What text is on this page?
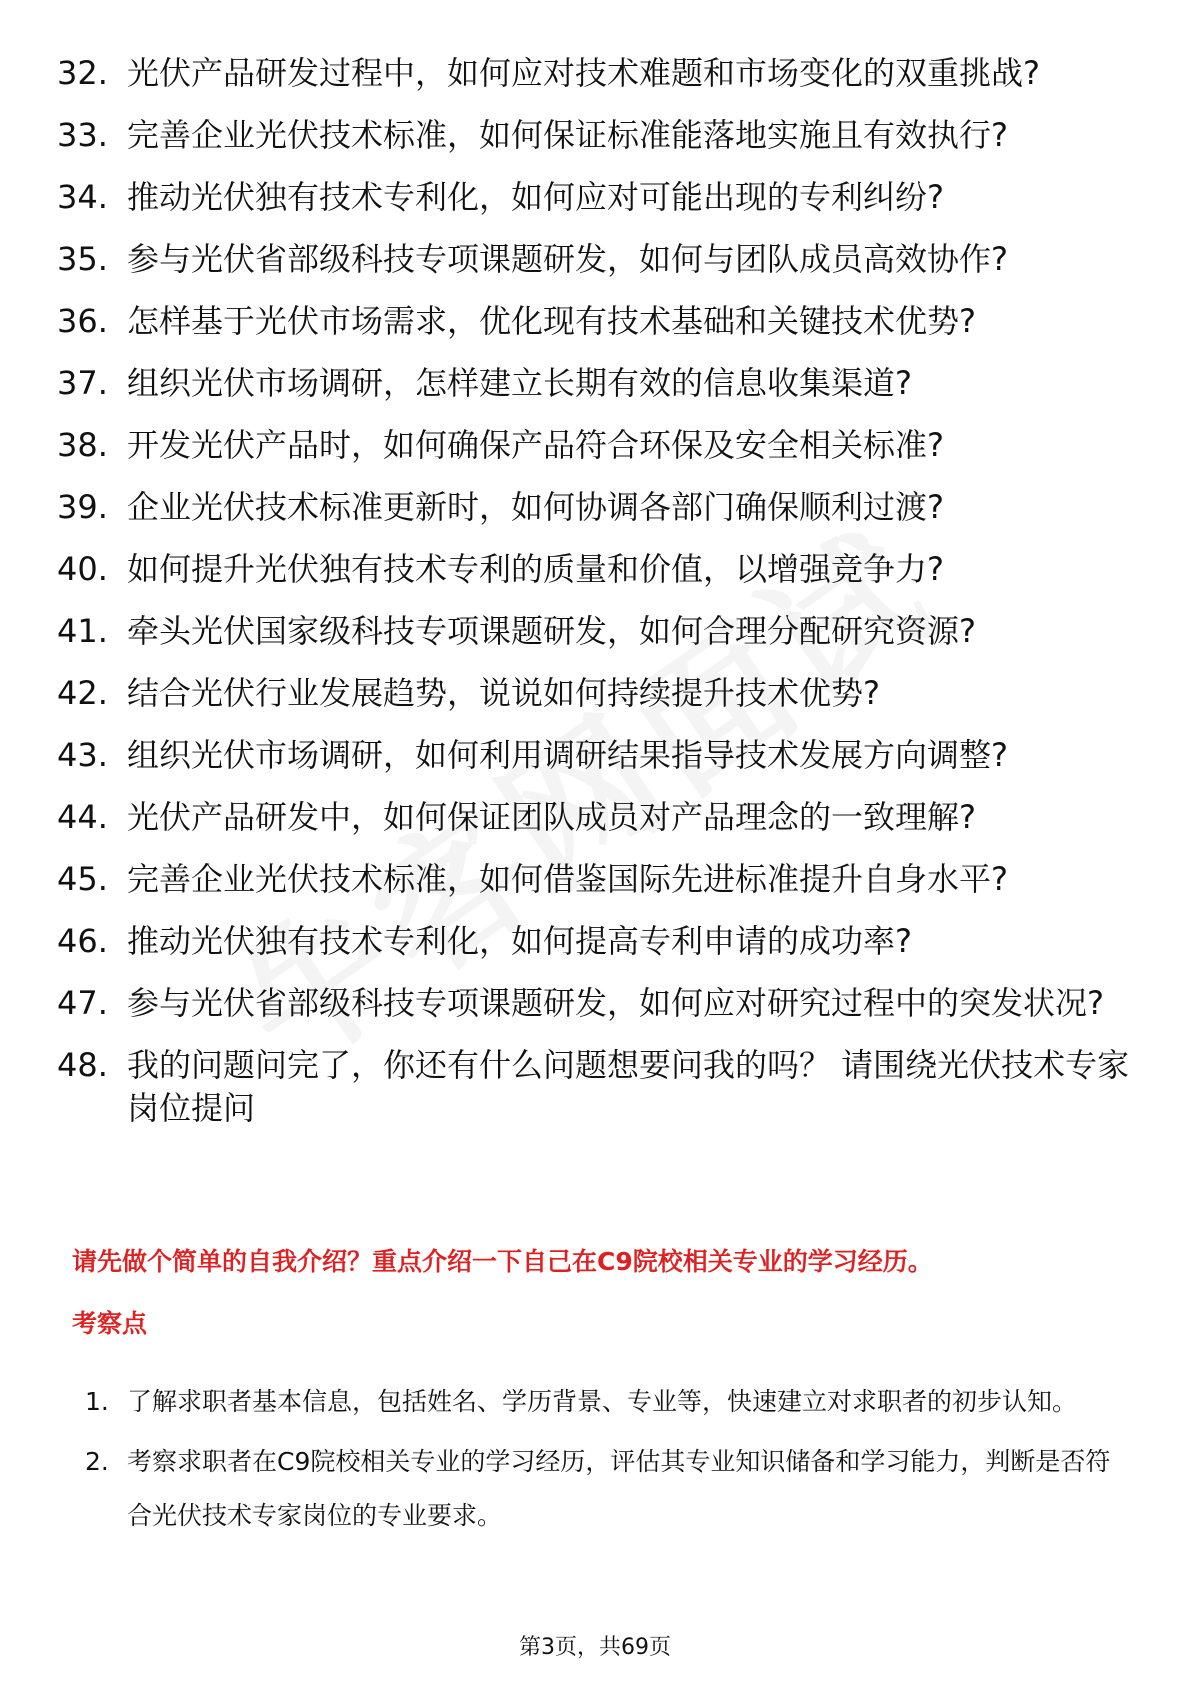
32. 光伏产品研发过程中，如何应对技术难题和市场变化的双重挑战?
33. 完善企业光伏技术标准，如何保证标准能落地实施且有效执行?
34. 推动光伏独有技术专利化，如何应对可能出现的专利纠纷?
35. 参与光伏省部级科技专项课题研发，如何与团队成员高效协作?
36. 怎样基于光伏市场需求，优化现有技术基础和关键技术优势?
37. 组织光伏市场调研，怎样建立长期有效的信息收集渠道?
38. 开发光伏产品时，如何确保产品符合环保及安全相关标准?
39. 企业光伏技术标准更新时，如何协调各部门确保顺利过渡?
40. 如何提升光伏独有技术专利的质量和价值，以增强竞争力?
41. 牵头光伏国家级科技专项课题研发，如何合理分配研究资源?
42. 结合光伏行业发展趋势，说说如何持续提升技术优势?
43. 组织光伏市场调研，如何利用调研结果指导技术发展方向调整?
44. 光伏产品研发中，如何保证团队成员对产品理念的一致理解?
45. 完善企业光伏技术标准，如何借鉴国际先进标准提升自身水平?
46. 推动光伏独有技术专利化，如何提高专利申请的成功率?
47. 参与光伏省部级科技专项课题研发，如何应对研究过程中的突发状况?
48. 我的问题问完了，你还有什么问题想要问我的吗？ 请围绕光伏技术专家岗位提问
请先做个简单的自我介绍？重点介绍一下自己在C9院校相关专业的学习经历。
考察点
1. 了解求职者基本信息，包括姓名、学历背景、专业等，快速建立对求职者的初步认知。
2. 考察求职者在C9院校相关专业的学习经历，评估其专业知识储备和学习能力，判断是否符合光伏技术专家岗位的专业要求。
第3页，共69页
